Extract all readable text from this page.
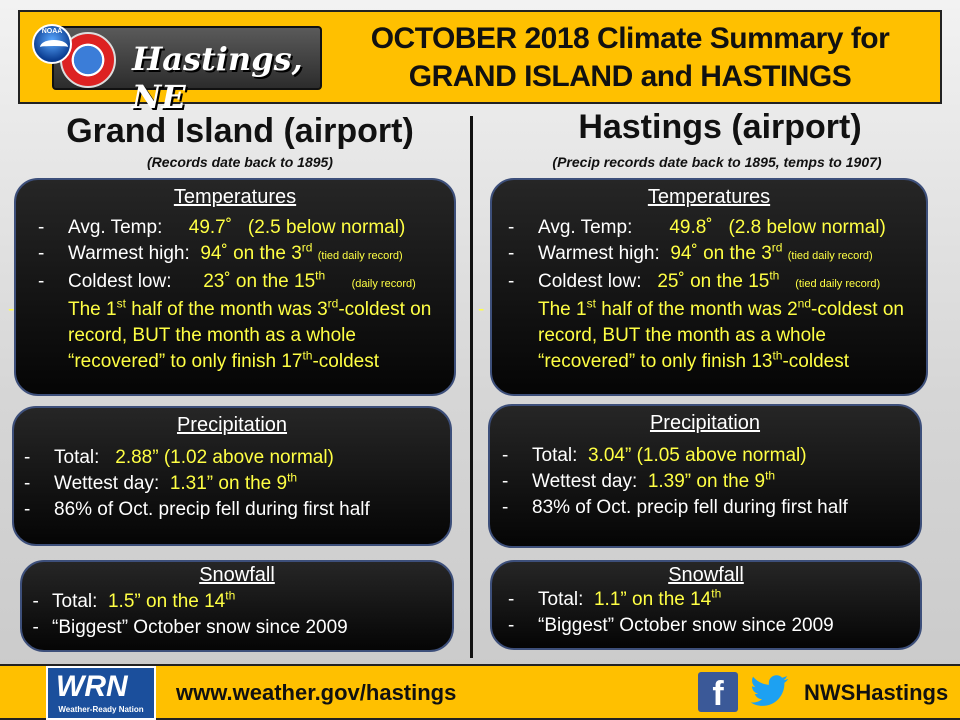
Hastings, NE
NOAA	OCTOBER 2018 Climate Summary for
GRAND ISLAND and HASTINGS
Grand Island (airport)
(Records date back to 1895)
Temperatures
- Avg. Temp: 49.7˚ (2.5 below normal)
- Warmest high: 94˚ on the 3rd (tied daily record)
- Coldest low: 23˚ on the 15th     (daily record)
-	The 1st half of the month was 3rd-coldest on record, BUT the month as a whole “recovered” to only finish 17th-coldest
Precipitation
- Total: 2.88” (1.02 above normal)
- Wettest day: 1.31” on the 9th
- 86% of Oct. precip fell during first half
Snowfall
- Total: 1.5” on the 14th
- “Biggest” October snow since 2009
Hastings (airport)
(Precip records date back to 1895, temps to 1907)
Temperatures
- Avg. Temp: 49.8˚ (2.8 below normal)
- Warmest high: 94˚ on the 3rd (tied daily record)
- Coldest low: 25˚ on the 15th   (tied daily record)
-	The 1st half of the month was 2nd-coldest on record, BUT the month as a whole “recovered” to only finish 13th-coldest
Precipitation
- Total: 3.04” (1.05 above normal)
- Wettest day: 1.39” on the 9th
- 83% of Oct. precip fell during first half
Snowfall
- Total: 1.1” on the 14th
- “Biggest” October snow since 2009
WRN
Weather-Ready Nation
www.weather.gov/hastings	f	NWSHastings
